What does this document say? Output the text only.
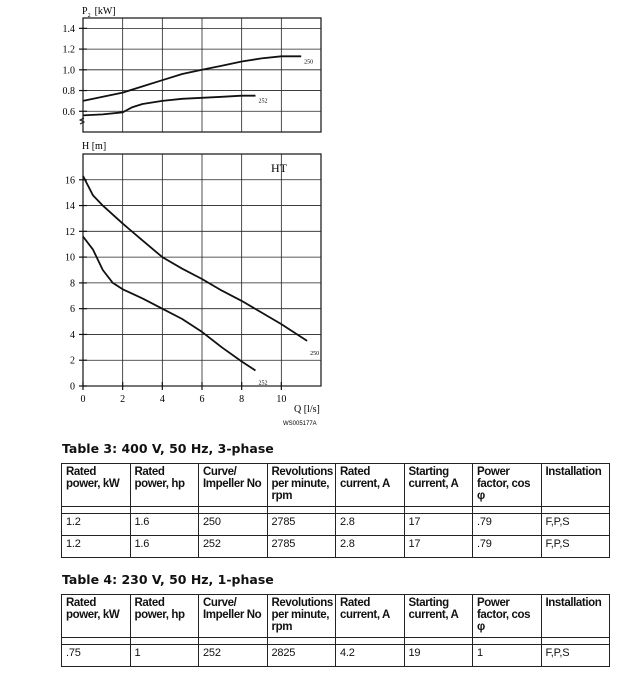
$P_2$ [kW]
0.6
0.8
1.0
1.2
1.4
250
252
H [m]
0
2
4
6
8
10
12
14
16
0	2	4	6	8	10
250
252
HT
Q [l/s]
WS005177A
Table 3: 400 V, 50 Hz, 3-phase
Rated power, kW	Rated power, hp	Curve/ Impeller No	Revolutions per minute, rpm	Rated current, A	Starting current, A	Power factor, cos φ	Installation

1.2	1.6	250	2785	2.8	17	.79	F,P,S
1.2	1.6	252	2785	2.8	17	.79	F,P,S
Table 4: 230 V, 50 Hz, 1-phase
Rated power, kW	Rated power, hp	Curve/ Impeller No	Revolutions per minute, rpm	Rated current, A	Starting current, A	Power factor, cos φ	Installation

.75	1	252	2825	4.2	19	1	F,P,S
